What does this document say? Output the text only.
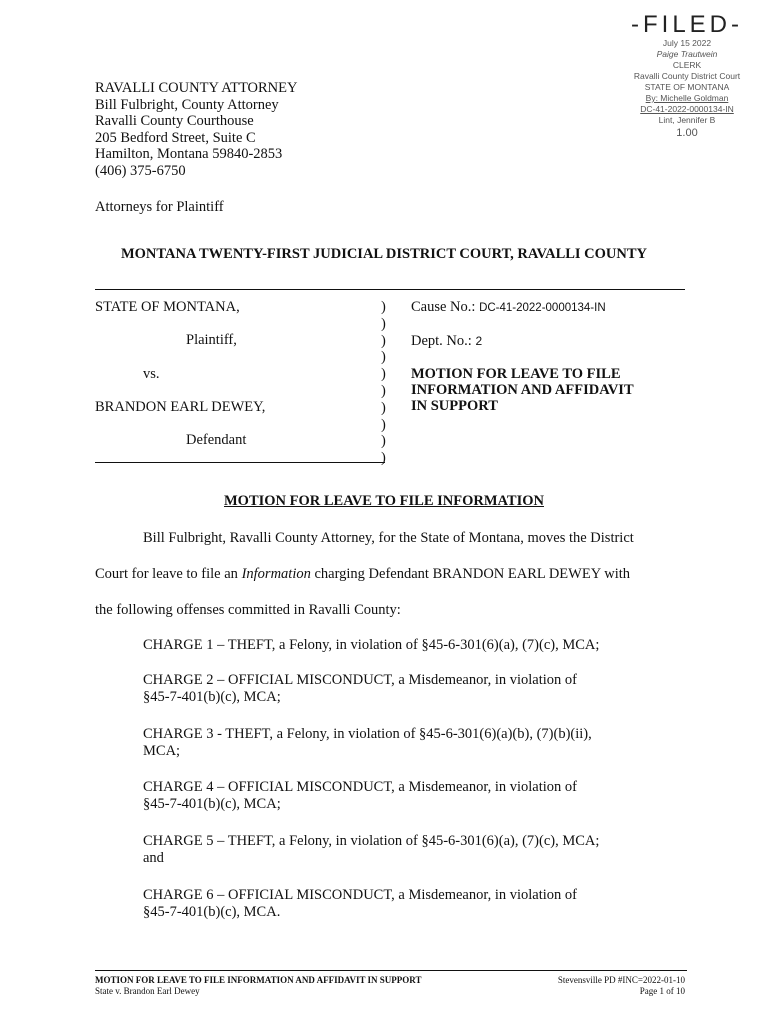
-FILED-
July 15 2022
Paige Trautwein
CLERK
Ravalli County District Court
STATE OF MONTANA
By: Michelle Goldman
DC-41-2022-0000134-IN
Lint, Jennifer B
1.00
RAVALLI COUNTY ATTORNEY
Bill Fulbright, County Attorney
Ravalli County Courthouse
205 Bedford Street, Suite C
Hamilton, Montana 59840-2853
(406) 375-6750
Attorneys for Plaintiff
MONTANA TWENTY-FIRST JUDICIAL DISTRICT COURT, RAVALLI COUNTY
STATE OF MONTANA,
Plaintiff,
vs.
BRANDON EARL DEWEY,
Defendant
)
)
)
)
)
)
)
)
)
)
Cause No.: DC-41-2022-0000134-IN
Dept. No.: 2
MOTION FOR LEAVE TO FILE
INFORMATION AND AFFIDAVIT
IN SUPPORT
MOTION FOR LEAVE TO FILE INFORMATION
Bill Fulbright, Ravalli County Attorney, for the State of Montana, moves the District
Court for leave to file an Information charging Defendant BRANDON EARL DEWEY with
the following offenses committed in Ravalli County:
CHARGE 1 – THEFT, a Felony, in violation of §45-6-301(6)(a), (7)(c), MCA;
CHARGE 2 – OFFICIAL MISCONDUCT, a Misdemeanor, in violation of
§45-7-401(b)(c), MCA;
CHARGE 3 - THEFT, a Felony, in violation of §45-6-301(6)(a)(b), (7)(b)(ii),
MCA;
CHARGE 4 – OFFICIAL MISCONDUCT, a Misdemeanor, in violation of
§45-7-401(b)(c), MCA;
CHARGE 5 – THEFT, a Felony, in violation of §45-6-301(6)(a), (7)(c), MCA;
and
CHARGE 6 – OFFICIAL MISCONDUCT, a Misdemeanor, in violation of
§45-7-401(b)(c), MCA.
MOTION FOR LEAVE TO FILE INFORMATION AND AFFIDAVIT IN SUPPORT
State v. Brandon Earl Dewey
Stevensville PD #INC=2022-01-10
Page 1 of 10
